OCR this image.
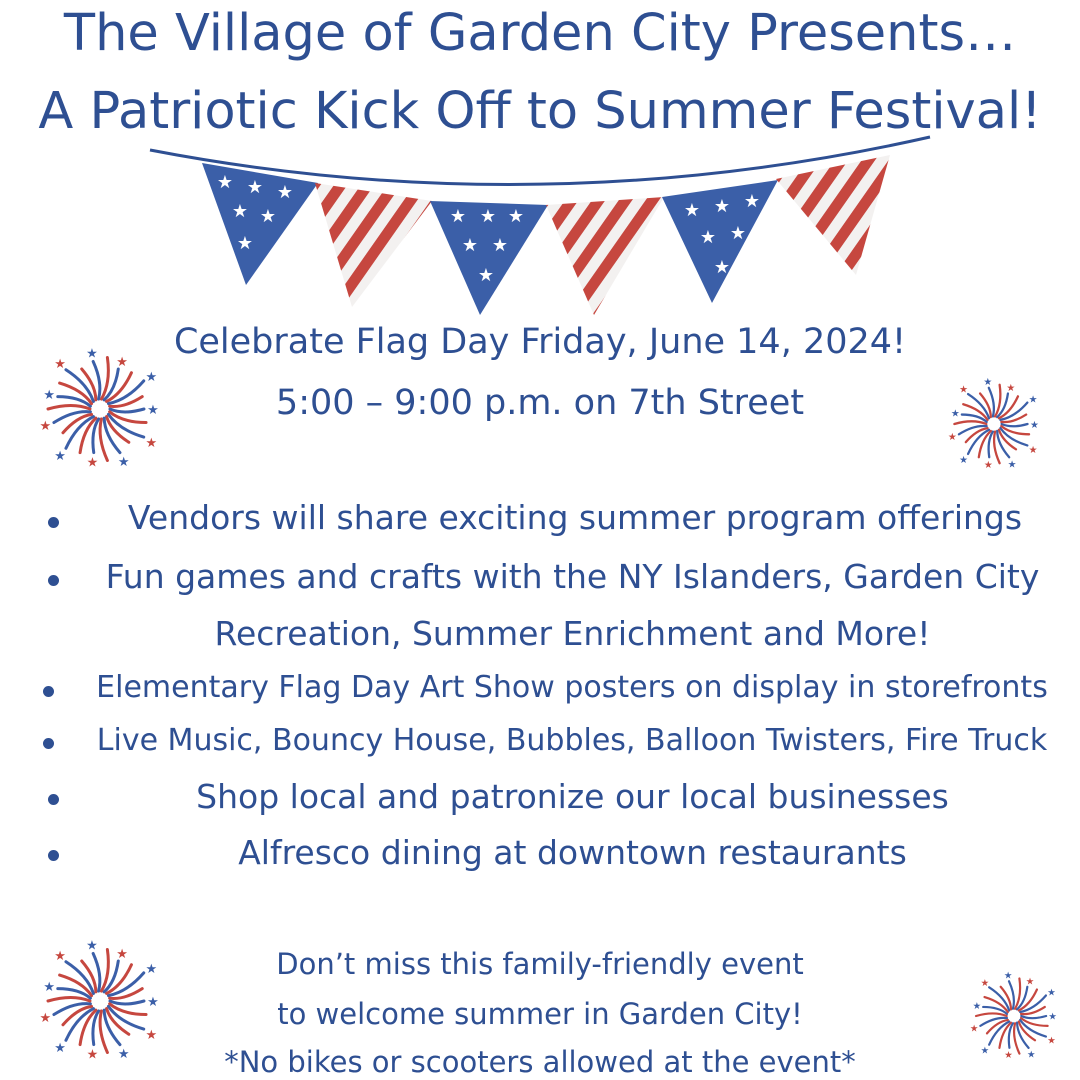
The Village of Garden City Presents…
A Patriotic Kick Off to Summer Festival!
★ ★ ★
★ ★
★
★ ★ ★
★ ★
★
★ ★ ★
★ ★
★
Celebrate Flag Day Friday, June 14, 2024!
5:00 – 9:00 p.m. on 7th Street
★
★
★
★
★
★
★
★
★
★
★
★
★
★
★
★
★
★
★
★
★
★
★
★
★
★
★
★
★
★
★
★
★
★
★
★
★
★
★
★
★
★
★
★
Vendors will share exciting summer program offerings
Fun games and crafts with the NY Islanders, Garden City
Recreation, Summer Enrichment and More!
Elementary Flag Day Art Show posters on display in storefronts
Live Music, Bouncy House, Bubbles, Balloon Twisters, Fire Truck
Shop local and patronize our local businesses
Alfresco dining at downtown restaurants
Don’t miss this family-friendly event
to welcome summer in Garden City!
*No bikes or scooters allowed at the event*
